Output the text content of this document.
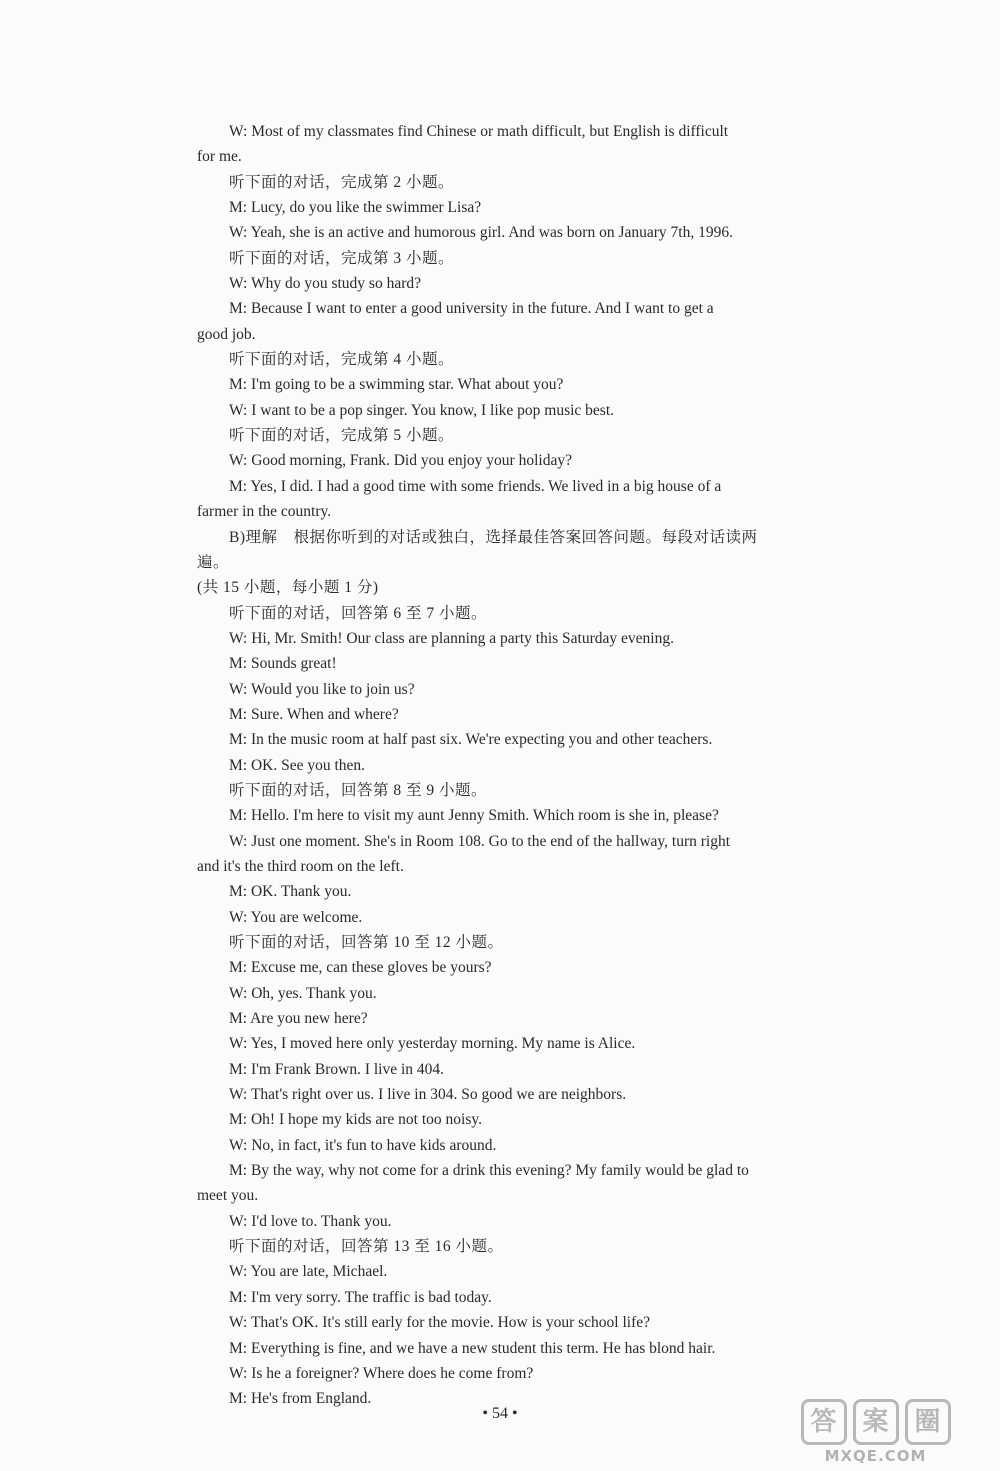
W: Most of my classmates find Chinese or math difficult, but English is difficult

for me.

听下面的对话，完成第 2 小题。

M: Lucy, do you like the swimmer Lisa?

W: Yeah, she is an active and humorous girl. And was born on January 7th, 1996.

听下面的对话，完成第 3 小题。

W: Why do you study so hard?

M: Because I want to enter a good university in the future. And I want to get a

good job.

听下面的对话，完成第 4 小题。

M: I'm going to be a swimming star. What about you?

W: I want to be a pop singer. You know, I like pop music best.

听下面的对话，完成第 5 小题。

W: Good morning, Frank. Did you enjoy your holiday?

M: Yes, I did. I had a good time with some friends. We lived in a big house of a

farmer in the country.

B)理解　根据你听到的对话或独白，选择最佳答案回答问题。每段对话读两遍。

(共 15 小题，每小题 1 分)

听下面的对话，回答第 6 至 7 小题。

W: Hi, Mr. Smith! Our class are planning a party this Saturday evening.

M: Sounds great!

W: Would you like to join us?

M: Sure. When and where?

M: In the music room at half past six. We're expecting you and other teachers.

M: OK. See you then.

听下面的对话，回答第 8 至 9 小题。

M: Hello. I'm here to visit my aunt Jenny Smith. Which room is she in, please?

W: Just one moment. She's in Room 108. Go to the end of the hallway, turn right

and it's the third room on the left.

M: OK. Thank you.

W: You are welcome.

听下面的对话，回答第 10 至 12 小题。

M: Excuse me, can these gloves be yours?

W: Oh, yes. Thank you.

M: Are you new here?

W: Yes, I moved here only yesterday morning. My name is Alice.

M: I'm Frank Brown. I live in 404.

W: That's right over us. I live in 304. So good we are neighbors.

M: Oh! I hope my kids are not too noisy.

W: No, in fact, it's fun to have kids around.

M: By the way, why not come for a drink this evening? My family would be glad to

meet you.

W: I'd love to. Thank you.

听下面的对话，回答第 13 至 16 小题。

W: You are late, Michael.

M: I'm very sorry. The traffic is bad today.

W: That's OK. It's still early for the movie. How is your school life?

M: Everything is fine, and we have a new student this term. He has blond hair.

W: Is he a foreigner? Where does he come from?

M: He's from England.

• 54 •	答 案 圈
MXQE.COM
